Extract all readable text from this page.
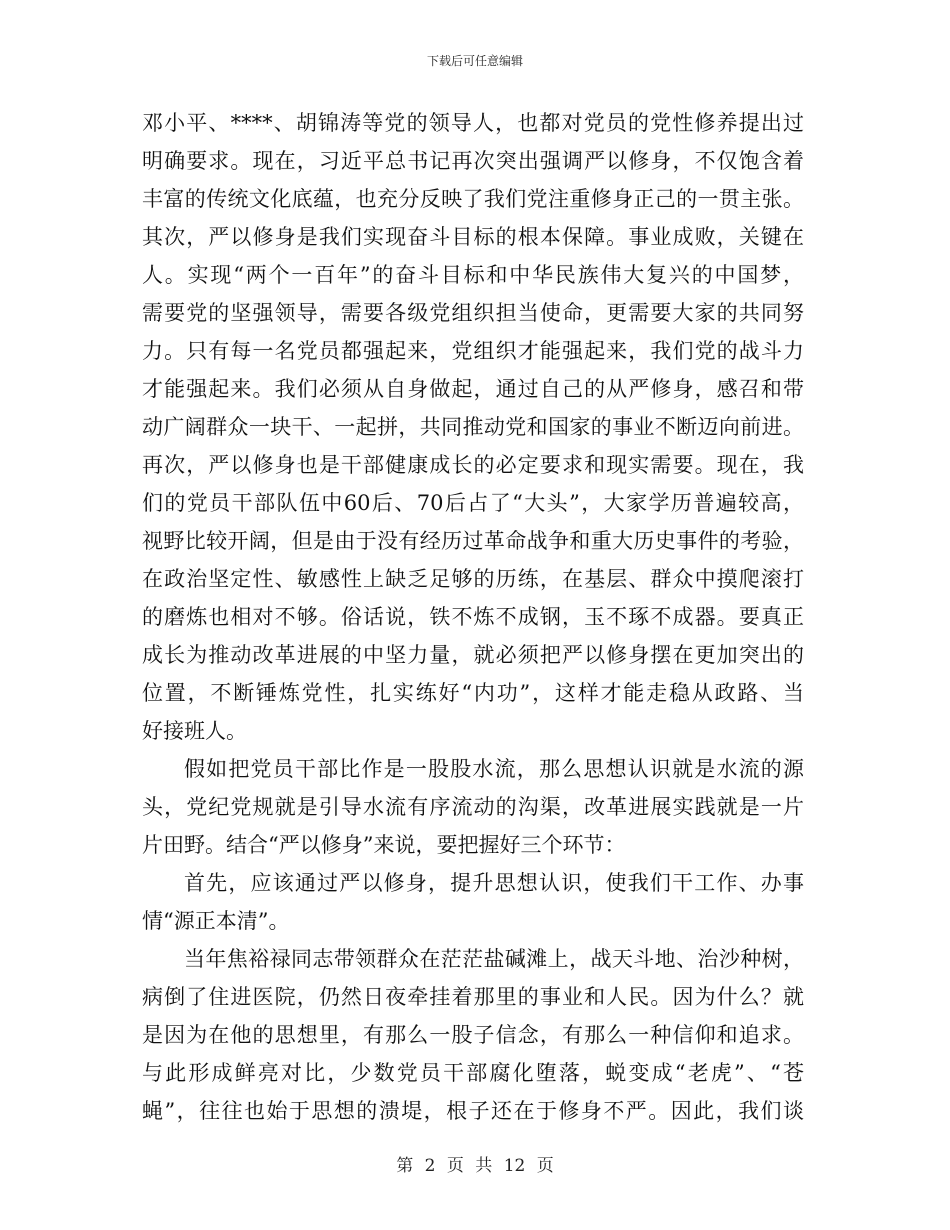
下载后可任意编辑
邓小平、****、胡锦涛等党的领导人，也都对党员的党性修养提出过
明确要求。现在，习近平总书记再次突出强调严以修身，不仅饱含着
丰富的传统文化底蕴，也充分反映了我们党注重修身正己的一贯主张。
其次，严以修身是我们实现奋斗目标的根本保障。事业成败，关键在
人。实现“两个一百年”的奋斗目标和中华民族伟大复兴的中国梦，
需要党的坚强领导，需要各级党组织担当使命，更需要大家的共同努
力。只有每一名党员都强起来，党组织才能强起来，我们党的战斗力
才能强起来。我们必须从自身做起，通过自己的从严修身，感召和带
动广阔群众一块干、一起拼，共同推动党和国家的事业不断迈向前进。
再次，严以修身也是干部健康成长的必定要求和现实需要。现在，我
们的党员干部队伍中60后、70后占了“大头”，大家学历普遍较高，
视野比较开阔，但是由于没有经历过革命战争和重大历史事件的考验，
在政治坚定性、敏感性上缺乏足够的历练，在基层、群众中摸爬滚打
的磨炼也相对不够。俗话说，铁不炼不成钢，玉不琢不成器。要真正
成长为推动改革进展的中坚力量，就必须把严以修身摆在更加突出的
位置，不断锤炼党性，扎实练好“内功”，这样才能走稳从政路、当
好接班人。
假如把党员干部比作是一股股水流，那么思想认识就是水流的源
头，党纪党规就是引导水流有序流动的沟渠，改革进展实践就是一片
片田野。结合“严以修身”来说，要把握好三个环节：
首先，应该通过严以修身，提升思想认识，使我们干工作、办事
情“源正本清”。
当年焦裕禄同志带领群众在茫茫盐碱滩上，战天斗地、治沙种树，
病倒了住进医院，仍然日夜牵挂着那里的事业和人民。因为什么？就
是因为在他的思想里，有那么一股子信念，有那么一种信仰和追求。
与此形成鲜亮对比，少数党员干部腐化堕落，蜕变成“老虎”、“苍
蝇”，往往也始于思想的溃堤，根子还在于修身不严。因此，我们谈
第 2 页 共 12 页
